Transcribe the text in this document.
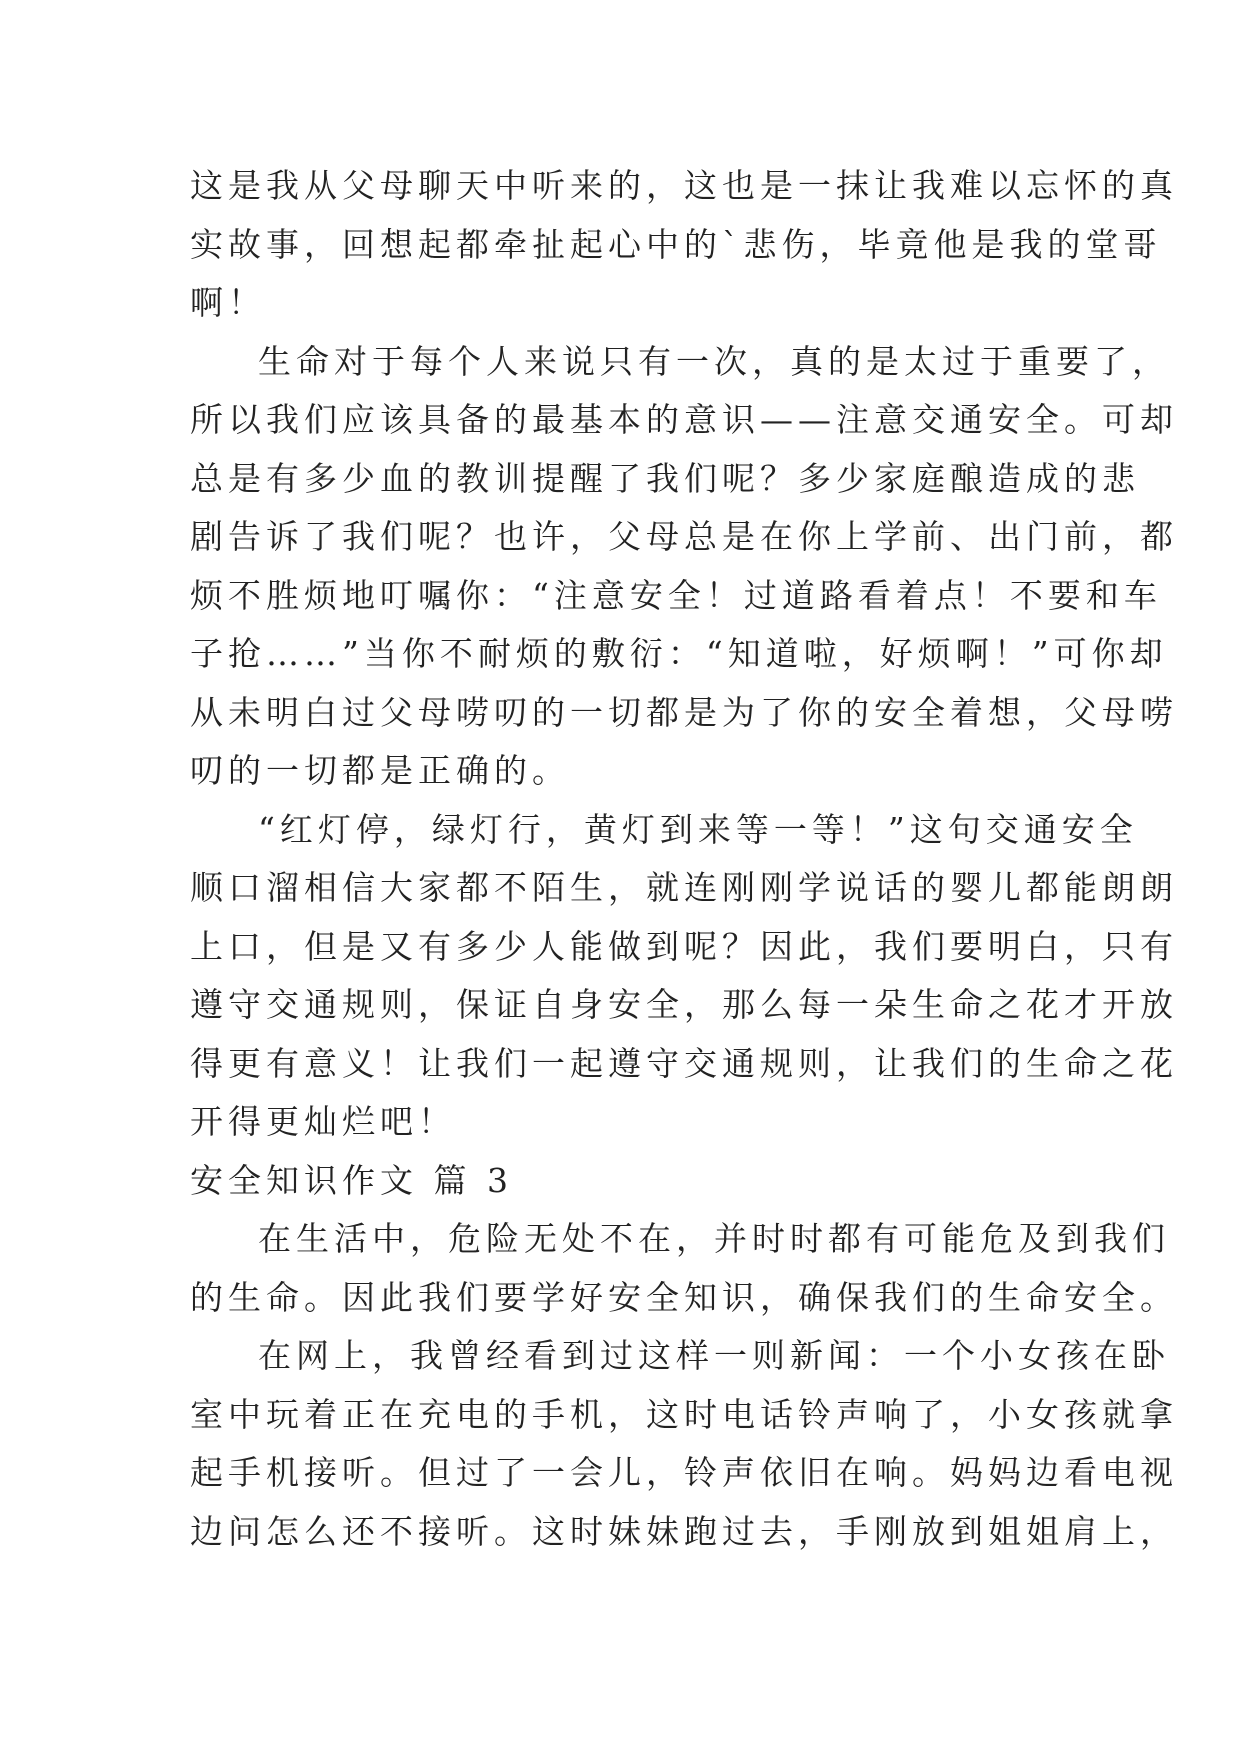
这是我从父母聊天中听来的，这也是一抹让我难以忘怀的真
实故事，回想起都牵扯起心中的`悲伤，毕竟他是我的堂哥
啊！
生命对于每个人来说只有一次，真的是太过于重要了，
所以我们应该具备的最基本的意识——注意交通安全。可却
总是有多少血的教训提醒了我们呢？多少家庭酿造成的悲
剧告诉了我们呢？也许，父母总是在你上学前、出门前，都
烦不胜烦地叮嘱你：“注意安全！过道路看着点！不要和车
子抢……”当你不耐烦的敷衍：“知道啦，好烦啊！”可你却
从未明白过父母唠叨的一切都是为了你的安全着想，父母唠
叨的一切都是正确的。
“红灯停，绿灯行，黄灯到来等一等！”这句交通安全
顺口溜相信大家都不陌生，就连刚刚学说话的婴儿都能朗朗
上口，但是又有多少人能做到呢？因此，我们要明白，只有
遵守交通规则，保证自身安全，那么每一朵生命之花才开放
得更有意义！让我们一起遵守交通规则，让我们的生命之花
开得更灿烂吧！
安全知识作文 篇 3
在生活中，危险无处不在，并时时都有可能危及到我们
的生命。因此我们要学好安全知识，确保我们的生命安全。
在网上，我曾经看到过这样一则新闻：一个小女孩在卧
室中玩着正在充电的手机，这时电话铃声响了，小女孩就拿
起手机接听。但过了一会儿，铃声依旧在响。妈妈边看电视
边问怎么还不接听。这时妹妹跑过去，手刚放到姐姐肩上，
